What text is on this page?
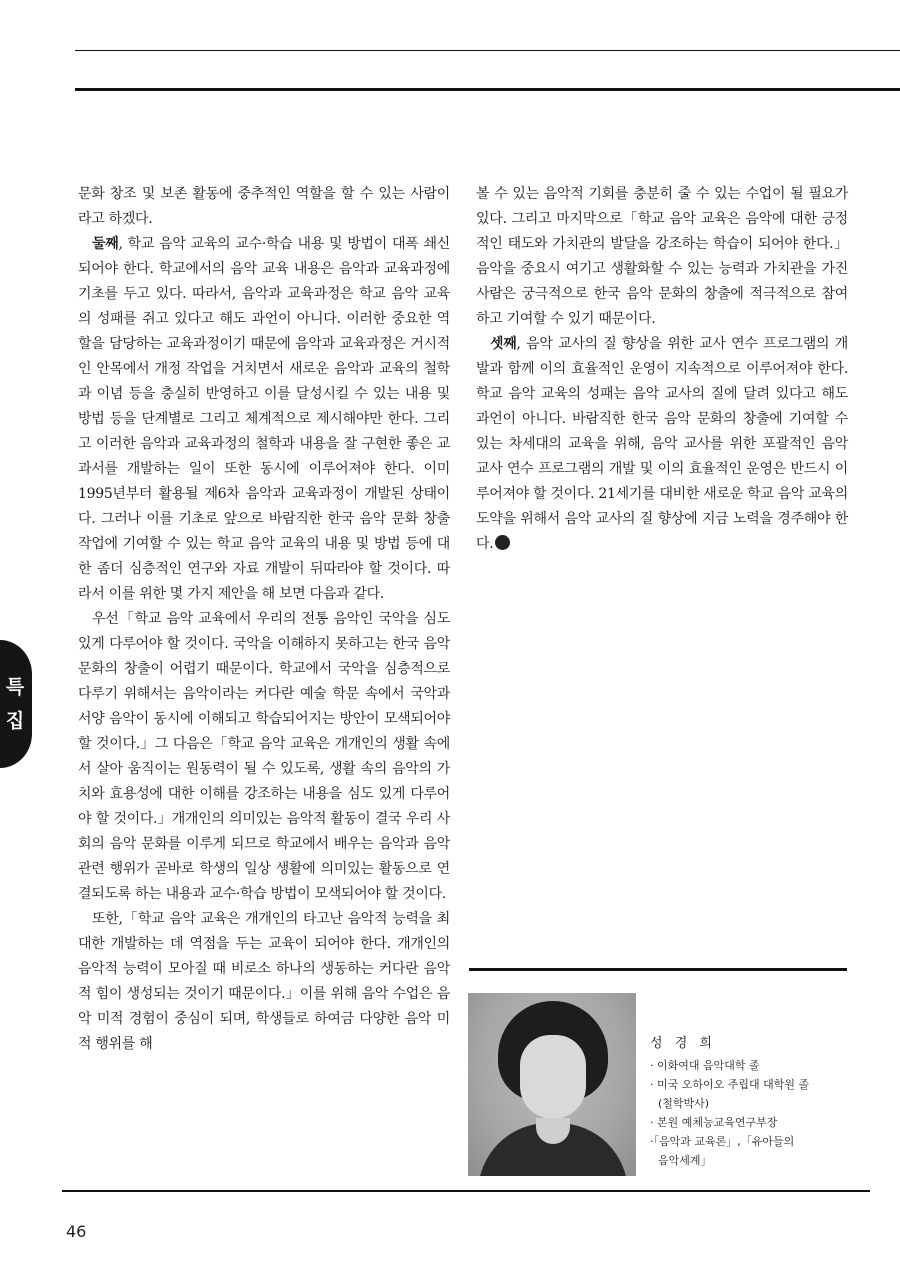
문화 창조 및 보존 활동에 중추적인 역할을 할 수 있는 사람이라고 하겠다.

둘째, 학교 음악 교육의 교수·학습 내용 및 방법이 대폭 쇄신되어야 한다. 학교에서의 음악 교육 내용은 음악과 교육과정에 기초를 두고 있다. 따라서, 음악과 교육과정은 학교 음악 교육의 성패를 쥐고 있다고 해도 과언이 아니다. 이러한 중요한 역할을 담당하는 교육과정이기 때문에 음악과 교육과정은 거시적인 안목에서 개정 작업을 거치면서 새로운 음악과 교육의 철학과 이념 등을 충실히 반영하고 이를 달성시킬 수 있는 내용 및 방법 등을 단계별로 그리고 체계적으로 제시해야만 한다. 그리고 이러한 음악과 교육과정의 철학과 내용을 잘 구현한 좋은 교과서를 개발하는 일이 또한 동시에 이루어져야 한다. 이미 1995년부터 활용될 제6차 음악과 교육과정이 개발된 상태이다. 그러나 이를 기초로 앞으로 바람직한 한국 음악 문화 창출작업에 기여할 수 있는 학교 음악 교육의 내용 및 방법 등에 대한 좀더 심층적인 연구와 자료 개발이 뒤따라야 할 것이다. 따라서 이를 위한 몇 가지 제안을 해 보면 다음과 같다.

우선「학교 음악 교육에서 우리의 전통 음악인 국악을 심도 있게 다루어야 할 것이다. 국악을 이해하지 못하고는 한국 음악 문화의 창출이 어렵기 때문이다. 학교에서 국악을 심층적으로 다루기 위해서는 음악이라는 커다란 예술 학문 속에서 국악과 서양 음악이 동시에 이해되고 학습되어지는 방안이 모색되어야 할 것이다.」그 다음은「학교 음악 교육은 개개인의 생활 속에서 살아 움직이는 원동력이 될 수 있도록, 생활 속의 음악의 가치와 효용성에 대한 이해를 강조하는 내용을 심도 있게 다루어야 할 것이다.」개개인의 의미있는 음악적 활동이 결국 우리 사회의 음악 문화를 이루게 되므로 학교에서 배우는 음악과 음악 관련 행위가 곧바로 학생의 일상 생활에 의미있는 활동으로 연결되도록 하는 내용과 교수·학습 방법이 모색되어야 할 것이다.

또한,「학교 음악 교육은 개개인의 타고난 음악적 능력을 최대한 개발하는 데 역점을 두는 교육이 되어야 한다. 개개인의 음악적 능력이 모아질 때 비로소 하나의 생동하는 커다란 음악적 힘이 생성되는 것이기 때문이다.」이를 위해 음악 수업은 음악 미적 경험이 중심이 되며, 학생들로 하여금 다양한 음악 미적 행위를 해

볼 수 있는 음악적 기회를 충분히 줄 수 있는 수업이 될 필요가 있다. 그리고 마지막으로「학교 음악 교육은 음악에 대한 긍정적인 태도와 가치관의 발달을 강조하는 학습이 되어야 한다.」음악을 중요시 여기고 생활화할 수 있는 능력과 가치관을 가진 사람은 궁극적으로 한국 음악 문화의 창출에 적극적으로 참여하고 기여할 수 있기 때문이다.

셋째, 음악 교사의 질 향상을 위한 교사 연수 프로그램의 개발과 함께 이의 효율적인 운영이 지속적으로 이루어져야 한다. 학교 음악 교육의 성패는 음악 교사의 질에 달려 있다고 해도 과언이 아니다. 바람직한 한국 음악 문화의 창출에 기여할 수 있는 차세대의 교육을 위해, 음악 교사를 위한 포괄적인 음악 교사 연수 프로그램의 개발 및 이의 효율적인 운영은 반드시 이루어져야 할 것이다. 21세기를 대비한 새로운 학교 음악 교육의 도약을 위해서 음악 교사의 질 향상에 지금 노력을 경주해야 한다.

특집
성 경 희
· 이화여대 음악대학 졸
· 미국 오하이오 주립대 대학원 졸
(철학박사)
· 본원 예체능교육연구부장
·「음악과 교육론」,「유아들의
음악세계」
46
